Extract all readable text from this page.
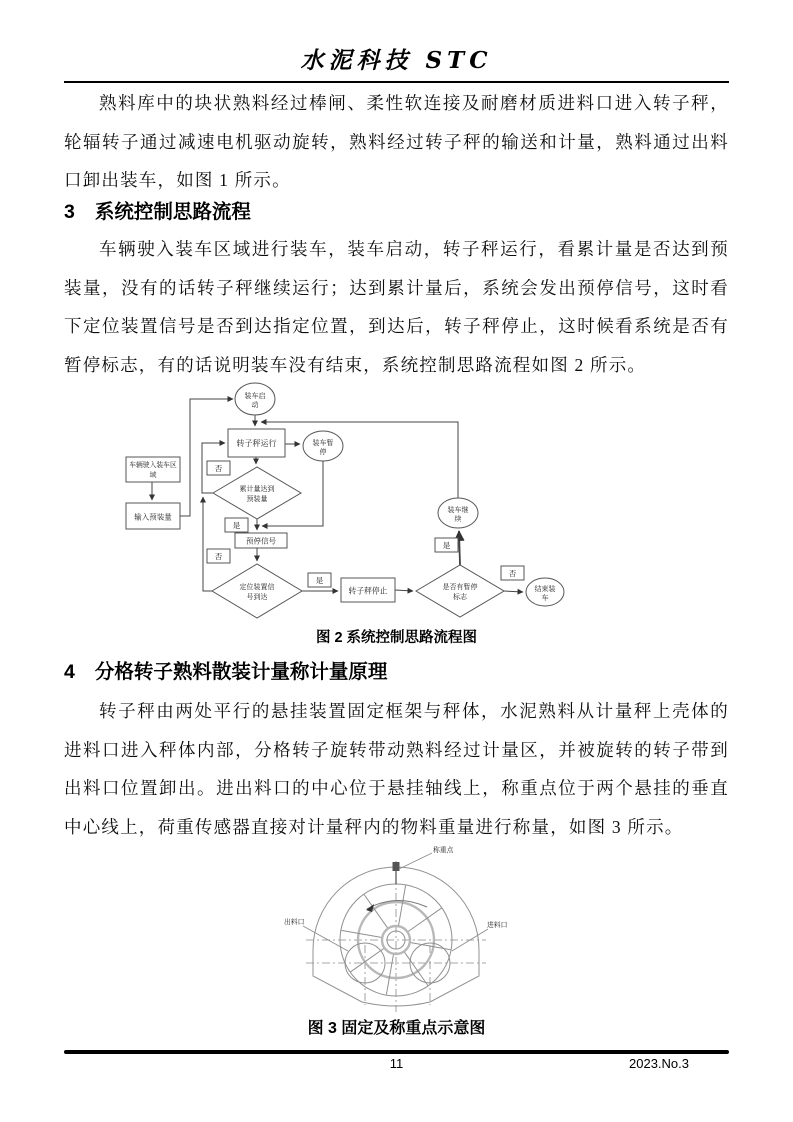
水泥科技 STC
熟料库中的块状熟料经过棒闸、柔性软连接及耐磨材质进料口进入转子秤，轮辐转子通过减速电机驱动旋转，熟料经过转子秤的输送和计量，熟料通过出料口卸出装车，如图 1 所示。
3 系统控制思路流程
车辆驶入装车区域进行装车，装车启动，转子秤运行，看累计量是否达到预装量，没有的话转子秤继续运行；达到累计量后，系统会发出预停信号，这时看下定位装置信号是否到达指定位置，到达后，转子秤停止，这时候看系统是否有暂停标志，有的话说明装车没有结束，系统控制思路流程如图 2 所示。
装车启
动
转子秤运行	装车暂
停
车辆驶入装车区
域
输入预装量
累计量达到
预装量
预停信号
定位装置信
号到达
转子秤停止	是否有暂停
标志
装车继
续
结束装
车
否
是
否
是
是
否
图 2 系统控制思路流程图
4 分格转子熟料散装计量称计量原理
转子秤由两处平行的悬挂装置固定框架与秤体，水泥熟料从计量秤上壳体的进料口进入秤体内部，分格转子旋转带动熟料经过计量区，并被旋转的转子带到出料口位置卸出。进出料口的中心位于悬挂轴线上，称重点位于两个悬挂的垂直中心线上，荷重传感器直接对计量秤内的物料重量进行称量，如图 3 所示。
称重点
出料口	进料口
图 3 固定及称重点示意图
11	2023.No.3
